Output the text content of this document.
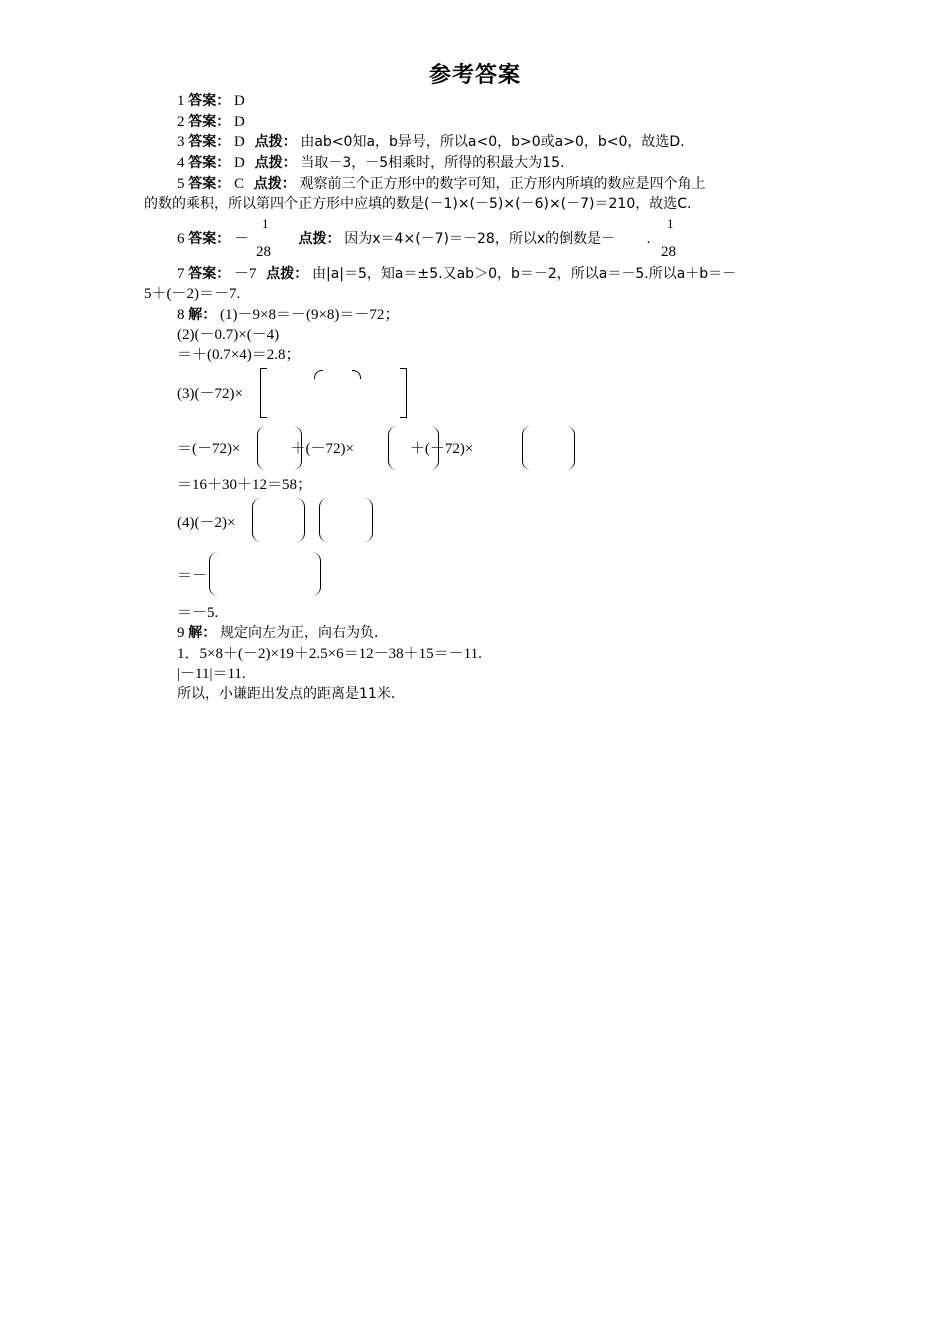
参考答案
1 答案： D
2 答案： D
3 答案： D 点拨： 由ab<0知a，b异号，所以a<0，b>0或a>0，b<0，故选D.
4 答案： D 点拨： 当取－3，－5相乘时，所得的积最大为15.
5 答案： C 点拨： 观察前三个正方形中的数字可知，正方形内所填的数应是四个角上
的数的乘积，所以第四个正方形中应填的数是(－1)×(－5)×(－6)×(－7)＝210，故选C.
6 答案： －	点拨： 因为x＝4×(－7)＝－28，所以x的倒数是－ .
1
28
1
28
7 答案： －7 点拨： 由|a|＝5，知a＝±5.又ab＞0，b＝－2，所以a＝－5.所以a＋b＝－
5＋(－2)＝－7.
8 解： (1)－9×8＝－(9×8)＝－72；
(2)(－0.7)×(－4)
＝＋(0.7×4)＝2.8；
(3)(－72)×
＝(－72)×	＋(－72)×	＋(－72)×
＝16＋30＋12＝58；
(4)(－2)×
＝－
＝－5.
9 解： 规定向左为正，向右为负．
1．5×8＋(－2)×19＋2.5×6＝12－38＋15＝－11.
|－11|＝11.
所以，小谦距出发点的距离是11米．
